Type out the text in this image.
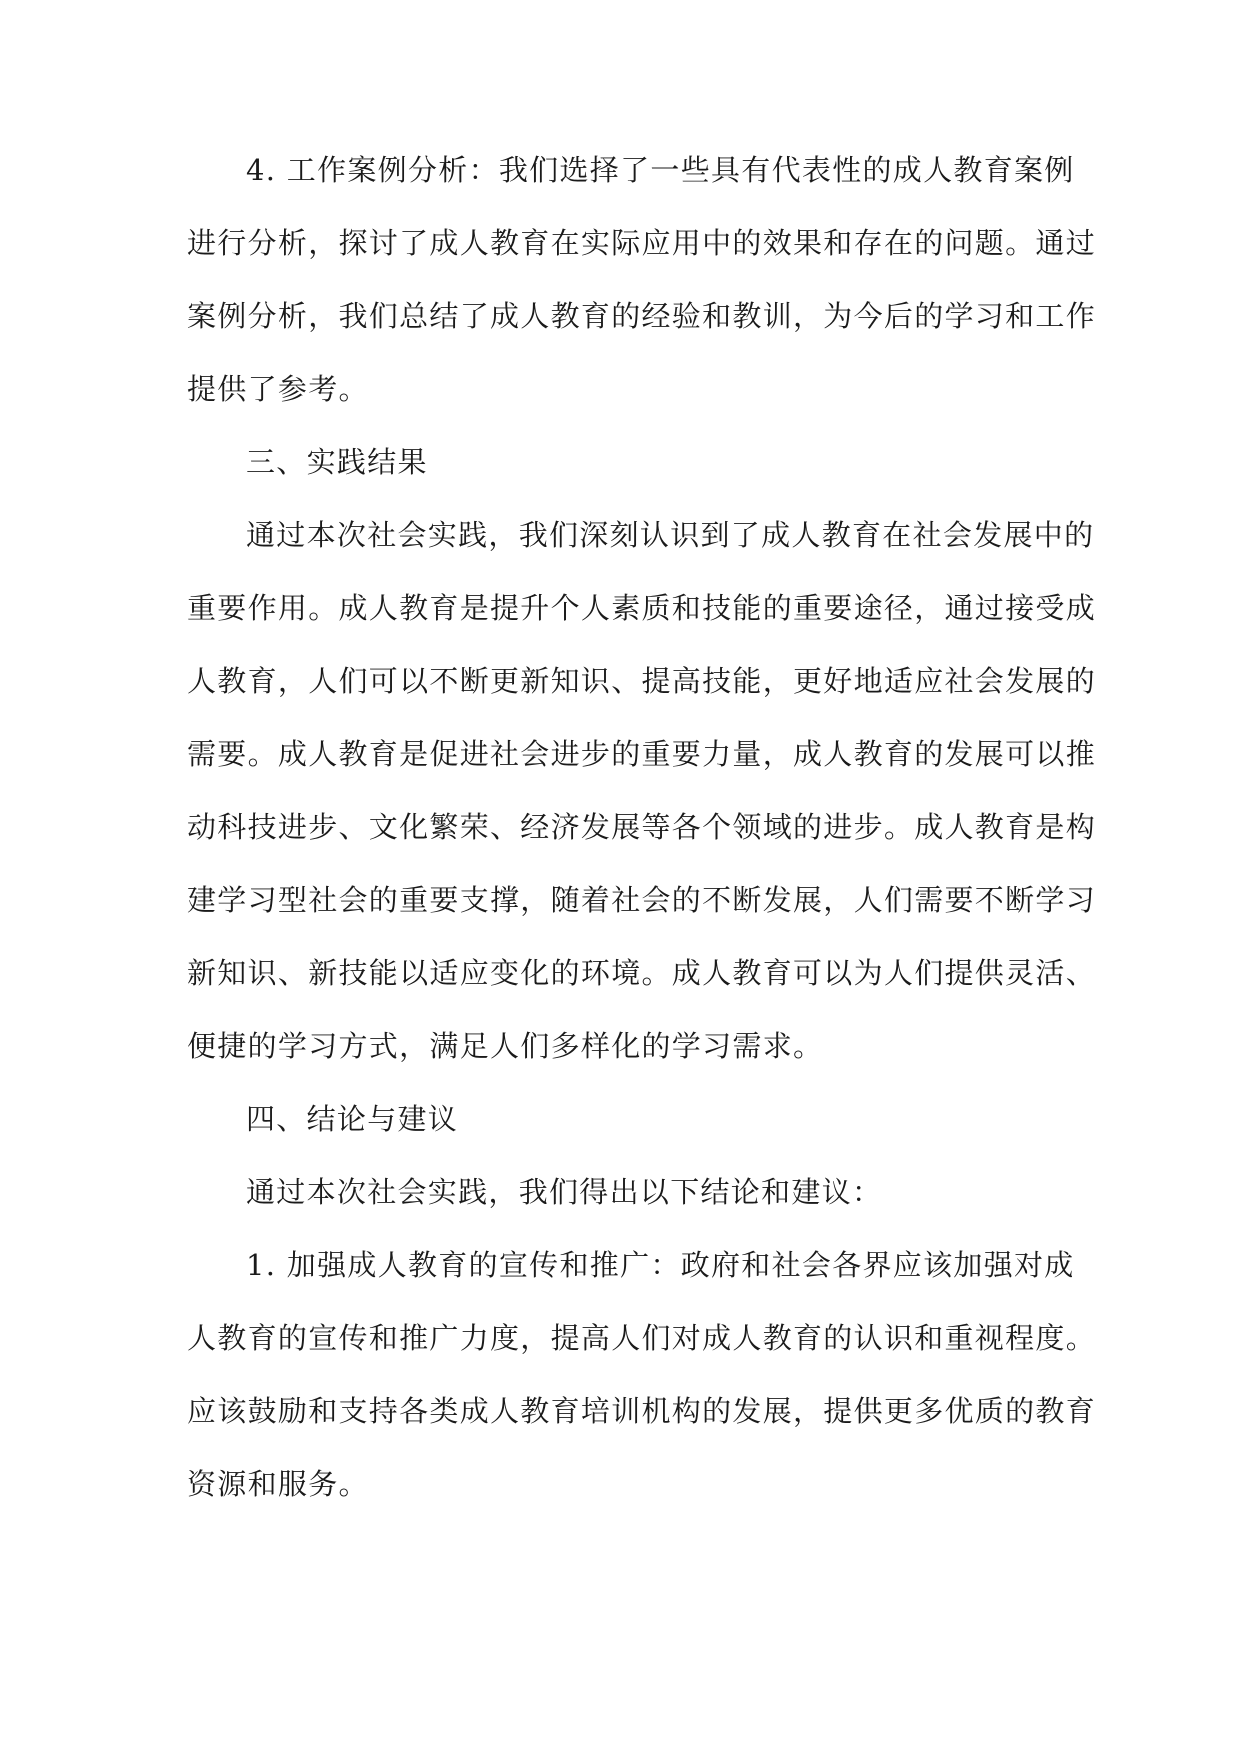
4. 工作案例分析：我们选择了一些具有代表性的成人教育案例

进行分析，探讨了成人教育在实际应用中的效果和存在的问题。通过

案例分析，我们总结了成人教育的经验和教训，为今后的学习和工作

提供了参考。

三、实践结果

通过本次社会实践，我们深刻认识到了成人教育在社会发展中的

重要作用。成人教育是提升个人素质和技能的重要途径，通过接受成

人教育，人们可以不断更新知识、提高技能，更好地适应社会发展的

需要。成人教育是促进社会进步的重要力量，成人教育的发展可以推

动科技进步、文化繁荣、经济发展等各个领域的进步。成人教育是构

建学习型社会的重要支撑，随着社会的不断发展，人们需要不断学习

新知识、新技能以适应变化的环境。成人教育可以为人们提供灵活、

便捷的学习方式，满足人们多样化的学习需求。

四、结论与建议

通过本次社会实践，我们得出以下结论和建议：

1. 加强成人教育的宣传和推广：政府和社会各界应该加强对成

人教育的宣传和推广力度，提高人们对成人教育的认识和重视程度。

应该鼓励和支持各类成人教育培训机构的发展，提供更多优质的教育

资源和服务。
